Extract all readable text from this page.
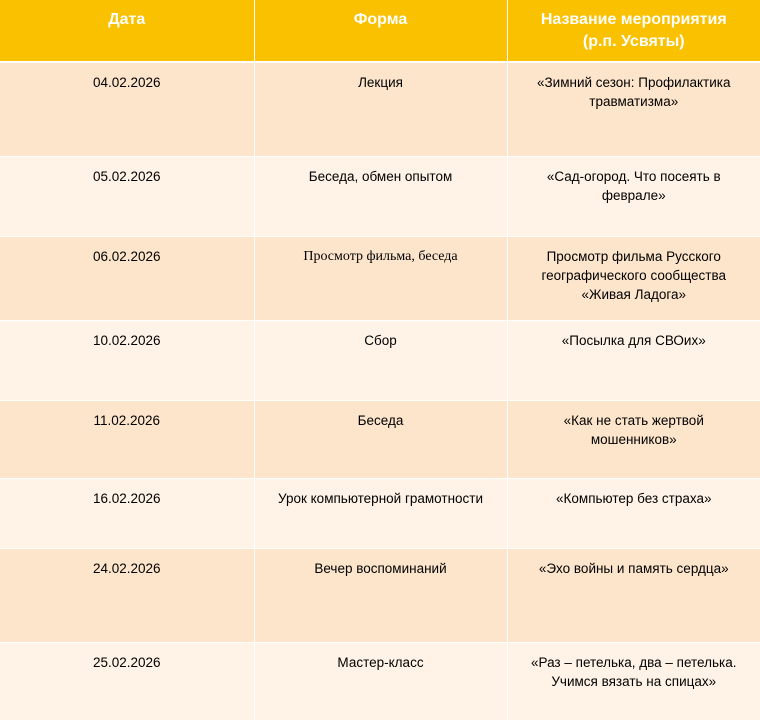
Дата	Форма	Название мероприятия
(р.п. Усвяты)
04.02.2026	Лекция	«Зимний сезон: Профилактика
травматизма»
05.02.2026	Беседа, обмен опытом	«Сад-огород. Что посеять в
феврале»
06.02.2026	Просмотр фильма, беседа	Просмотр фильма Русского
географического сообщества
«Живая Ладога»
10.02.2026	Сбор	«Посылка для СВОих»
11.02.2026	Беседа	«Как не стать жертвой
мошенников»
16.02.2026	Урок компьютерной грамотности	«Компьютер без страха»
24.02.2026	Вечер воспоминаний	«Эхо войны и память сердца»
25.02.2026	Мастер-класс	«Раз – петелька, два – петелька.
Учимся вязать на спицах»
